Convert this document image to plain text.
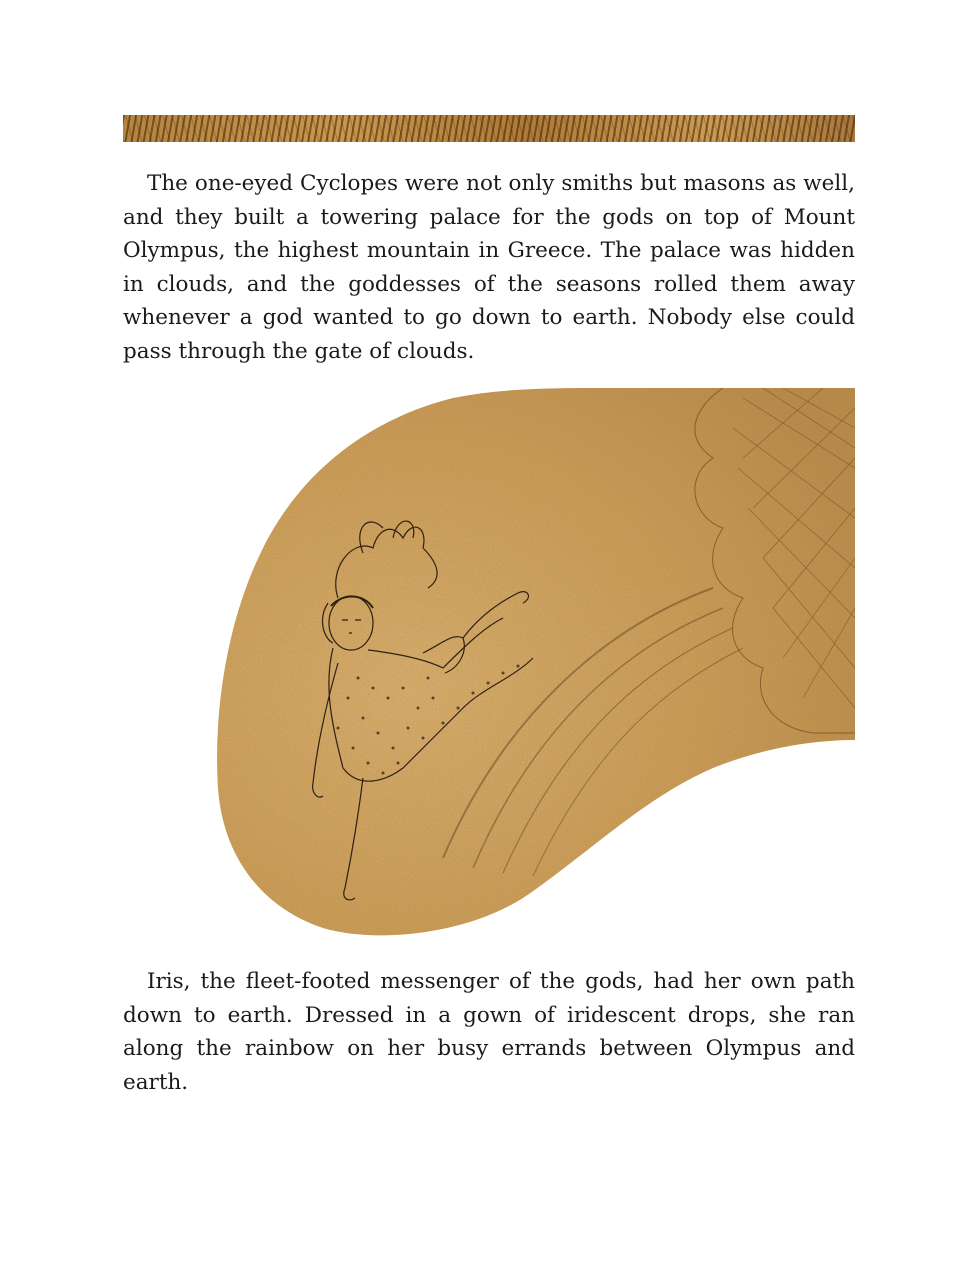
The one-eyed Cyclopes were not only smiths but masons as well, and they built a towering palace for the gods on top of Mount Olympus, the highest mountain in Greece. The palace was hidden in clouds, and the goddesses of the seasons rolled them away whenever a god wanted to go down to earth. Nobody else could pass through the gate of clouds.

Iris, the fleet-footed messenger of the gods, had her own path down to earth. Dressed in a gown of iridescent drops, she ran along the rainbow on her busy errands between Olympus and earth.
